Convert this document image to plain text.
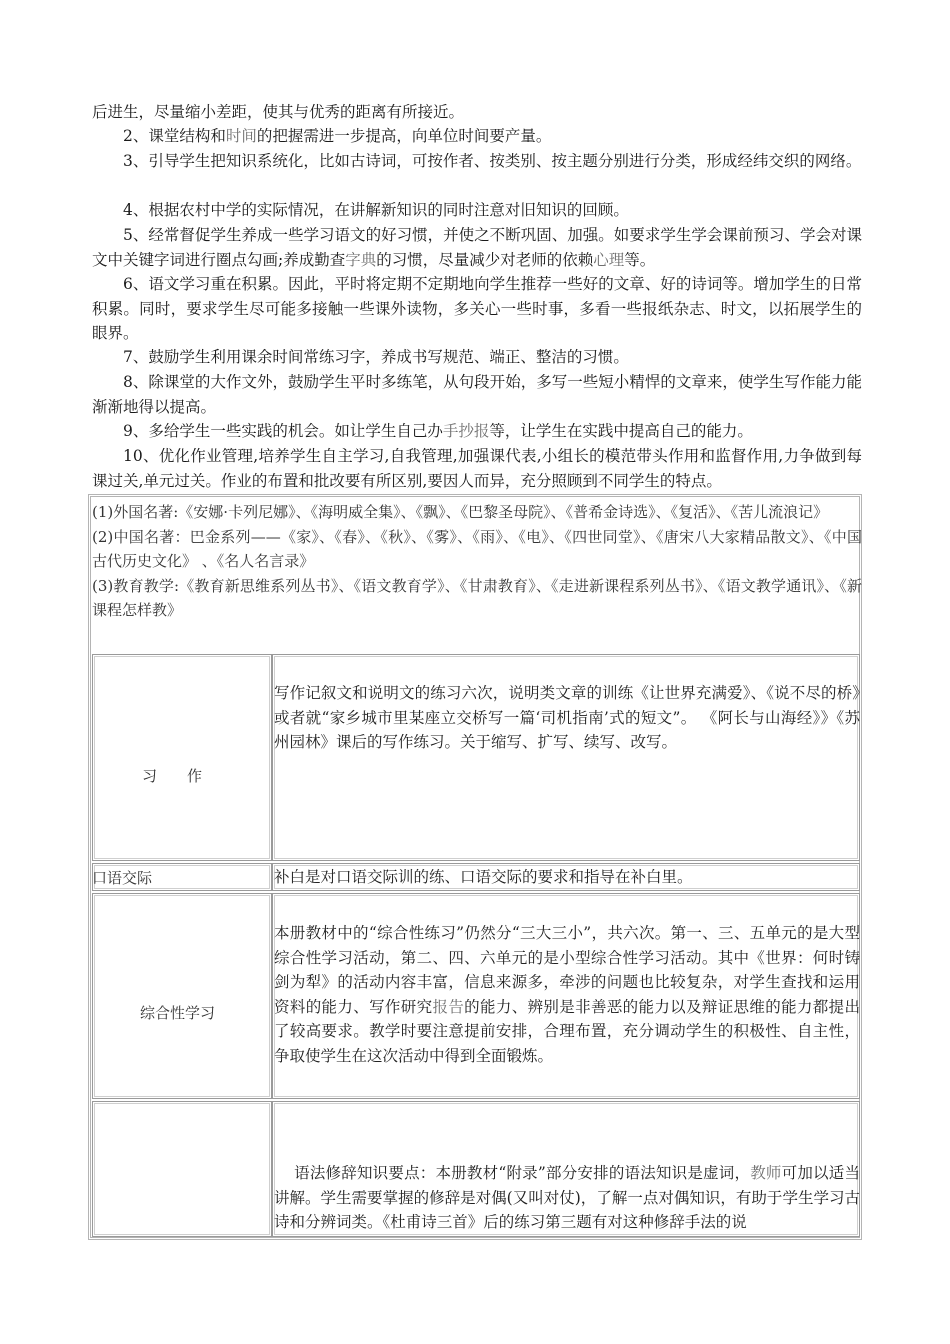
后进生，尽量缩小差距，使其与优秀的距离有所接近。
2、课堂结构和时间的把握需进一步提高，向单位时间要产量。
3、引导学生把知识系统化，比如古诗词，可按作者、按类别、按主题分别进行分类，形成经纬交织的网络。
4、根据农村中学的实际情况，在讲解新知识的同时注意对旧知识的回顾。
5、经常督促学生养成一些学习语文的好习惯，并使之不断巩固、加强。如要求学生学会课前预习、学会对课文中关键字词进行圈点勾画;养成勤查字典的习惯，尽量减少对老师的依赖心理等。
6、语文学习重在积累。因此，平时将定期不定期地向学生推荐一些好的文章、好的诗词等。增加学生的日常积累。同时，要求学生尽可能多接触一些课外读物，多关心一些时事，多看一些报纸杂志、时文，以拓展学生的眼界。
7、鼓励学生利用课余时间常练习字，养成书写规范、端正、整洁的习惯。
8、除课堂的大作文外，鼓励学生平时多练笔，从句段开始，多写一些短小精悍的文章来，使学生写作能力能渐渐地得以提高。
9、多给学生一些实践的机会。如让学生自己办手抄报等，让学生在实践中提高自己的能力。
10、优化作业管理,培养学生自主学习,自我管理,加强课代表,小组长的模范带头作用和监督作用,力争做到每课过关,单元过关。作业的布置和批改要有所区别,要因人而异，充分照顾到不同学生的特点。
(1)外国名著:《安娜·卡列尼娜》、《海明威全集》、《飘》、《巴黎圣母院》、《普希金诗选》、《复活》、《苦儿流浪记》
(2)中国名著：巴金系列——《家》、《春》、《秋》、《雾》、《雨》、《电》、《四世同堂》、《唐宋八大家精品散文》、《中国古代历史文化》 、《名人名言录》
(3)教育教学:《教育新思维系列丛书》、《语文教育学》、《甘肃教育》、《走进新课程系列丛书》、《语文教学通讯》、《新课程怎样教》
习　　作
写作记叙文和说明文的练习六次，说明类文章的训练《让世界充满爱》、《说不尽的桥》或者就“家乡城市里某座立交桥写一篇‘司机指南’式的短文”。 《阿长与山海经》》《苏州园林》课后的写作练习。关于缩写、扩写、续写、改写。
口语交际	补白是对口语交际训的练、口语交际的要求和指导在补白里。
综合性学习
本册教材中的“综合性练习”仍然分“三大三小”，共六次。第一、三、五单元的是大型综合性学习活动，第二、四、六单元的是小型综合性学习活动。其中《世界：何时铸剑为犁》的活动内容丰富，信息来源多，牵涉的问题也比较复杂，对学生查找和运用资料的能力、写作研究报告的能力、辨别是非善恶的能力以及辩证思维的能力都提出了较高要求。教学时要注意提前安排，合理布置，充分调动学生的积极性、自主性，争取使学生在这次活动中得到全面锻炼。
语法修辞知识要点：本册教材“附录”部分安排的语法知识是虚词，教师可加以适当讲解。学生需要掌握的修辞是对偶(又叫对仗)，了解一点对偶知识，有助于学生学习古诗和分辨词类。《杜甫诗三首》后的练习第三题有对这种修辞手法的说
